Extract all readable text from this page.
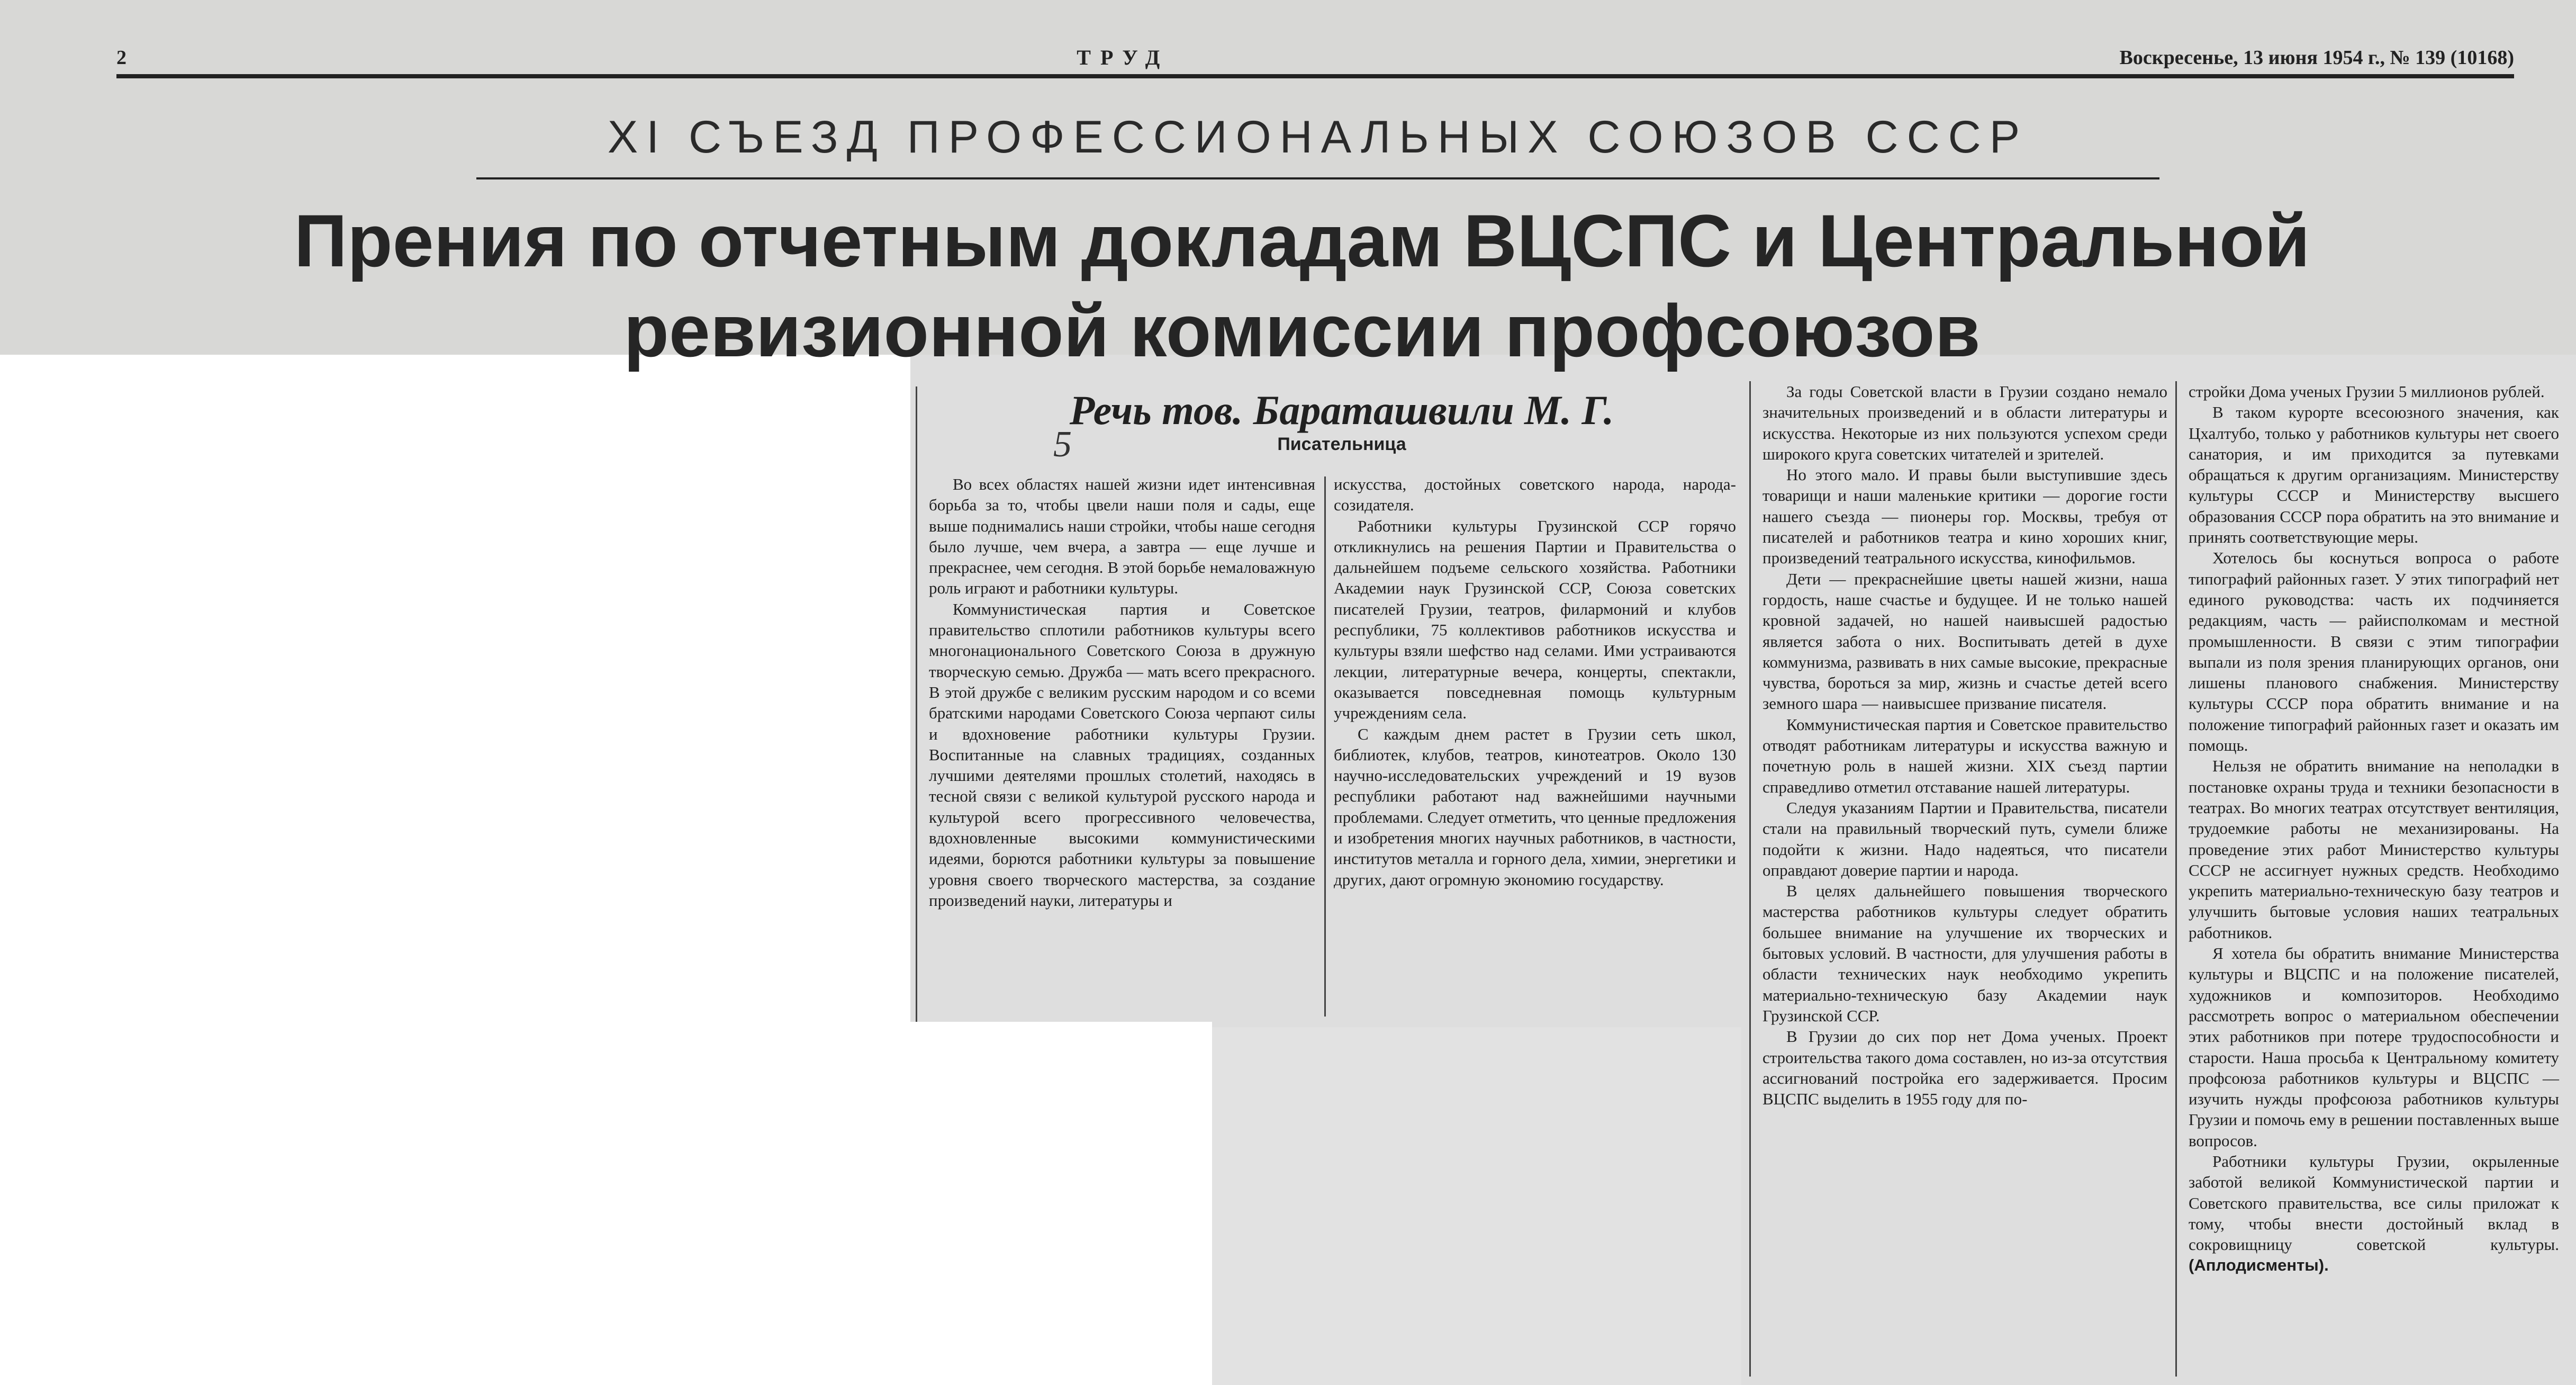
2	ТРУД	Воскресенье, 13 июня 1954 г., № 139 (10168)
XI СЪЕЗД ПРОФЕССИОНАЛЬНЫХ СОЮЗОВ СССР
Прения по отчетным докладам ВЦСПС и Центральной ревизионной комиссии профсоюзов
Речь тов. Бараташвили М. Г.
5	Писательница

Во всех областях нашей жизни идет интенсивная борьба за то, чтобы цвели наши поля и сады, еще выше поднимались наши стройки, чтобы наше сегодня было лучше, чем вчера, а завтра — еще лучше и прекраснее, чем сегодня. В этой борьбе немаловажную роль играют и работники культуры.

Коммунистическая партия и Советское правительство сплотили работников культуры всего многонационального Советского Союза в дружную творческую семью. Дружба — мать всего прекрасного. В этой дружбе с великим русским народом и со всеми братскими народами Советского Союза черпают силы и вдохновение работники культуры Грузии. Воспитанные на славных традициях, созданных лучшими деятелями прошлых столетий, находясь в тесной связи с великой культурой русского народа и культурой всего прогрессивного человечества, вдохновленные высокими коммунистическими идеями, борются работники культуры за повышение уровня своего творческого мастерства, за создание произведений науки, литературы и

искусства, достойных советского народа, народа-созидателя.

Работники культуры Грузинской ССР горячо откликнулись на решения Партии и Правительства о дальнейшем подъеме сельского хозяйства. Работники Академии наук Грузинской ССР, Союза советских писателей Грузии, театров, филармоний и клубов республики, 75 коллективов работников искусства и культуры взяли шефство над селами. Ими устраиваются лекции, литературные вечера, концерты, спектакли, оказывается повседневная помощь культурным учреждениям села.

С каждым днем растет в Грузии сеть школ, библиотек, клубов, театров, кинотеатров. Около 130 научно-исследовательских учреждений и 19 вузов республики работают над важнейшими научными проблемами. Следует отметить, что ценные предложения и изобретения многих научных работников, в частности, институтов металла и горного дела, химии, энергетики и других, дают огромную экономию государству.

За годы Советской власти в Грузии создано немало значительных произведений и в области литературы и искусства. Некоторые из них пользуются успехом среди широкого круга советских читателей и зрителей.

Но этого мало. И правы были выступившие здесь товарищи и наши маленькие критики — дорогие гости нашего съезда — пионеры гор. Москвы, требуя от писателей и работников театра и кино хороших книг, произведений театрального искусства, кинофильмов.

Дети — прекраснейшие цветы нашей жизни, наша гордость, наше счастье и будущее. И не только нашей кровной задачей, но нашей наивысшей радостью является забота о них. Воспитывать детей в духе коммунизма, развивать в них самые высокие, прекрасные чувства, бороться за мир, жизнь и счастье детей всего земного шара — наивысшее призвание писателя.

Коммунистическая партия и Советское правительство отводят работникам литературы и искусства важную и почетную роль в нашей жизни. XIX съезд партии справедливо отметил отставание нашей литературы.

Следуя указаниям Партии и Правительства, писатели стали на правильный творческий путь, сумели ближе подойти к жизни. Надо надеяться, что писатели оправдают доверие партии и народа.

В целях дальнейшего повышения творческого мастерства работников культуры следует обратить большее внимание на улучшение их творческих и бытовых условий. В частности, для улучшения работы в области технических наук необходимо укрепить материально-техническую базу Академии наук Грузинской ССР.

В Грузии до сих пор нет Дома ученых. Проект строительства такого дома составлен, но из-за отсутствия ассигнований постройка его задерживается. Просим ВЦСПС выделить в 1955 году для по-

стройки Дома ученых Грузии 5 миллионов рублей.

В таком курорте всесоюзного значения, как Цхалтубо, только у работников культуры нет своего санатория, и им приходится за путевками обращаться к другим организациям. Министерству культуры СССР и Министерству высшего образования СССР пора обратить на это внимание и принять соответствующие меры.

Хотелось бы коснуться вопроса о работе типографий районных газет. У этих типографий нет единого руководства: часть их подчиняется редакциям, часть — райисполкомам и местной промышленности. В связи с этим типографии выпали из поля зрения планирующих органов, они лишены планового снабжения. Министерству культуры СССР пора обратить внимание и на положение типографий районных газет и оказать им помощь.

Нельзя не обратить внимание на неполадки в постановке охраны труда и техники безопасности в театрах. Во многих театрах отсутствует вентиляция, трудоемкие работы не механизированы. На проведение этих работ Министерство культуры СССР не ассигнует нужных средств. Необходимо укрепить материально-техническую базу театров и улучшить бытовые условия наших театральных работников.

Я хотела бы обратить внимание Министерства культуры и ВЦСПС и на положение писателей, художников и композиторов. Необходимо рассмотреть вопрос о материальном обеспечении этих работников при потере трудоспособности и старости. Наша просьба к Центральному комитету профсоюза работников культуры и ВЦСПС — изучить нужды профсоюза работников культуры Грузии и помочь ему в решении поставленных выше вопросов.

Работники культуры Грузии, окрыленные заботой великой Коммунистической партии и Советского правительства, все силы приложат к тому, чтобы внести достойный вклад в сокровищницу советской культуры. (Аплодисменты).
